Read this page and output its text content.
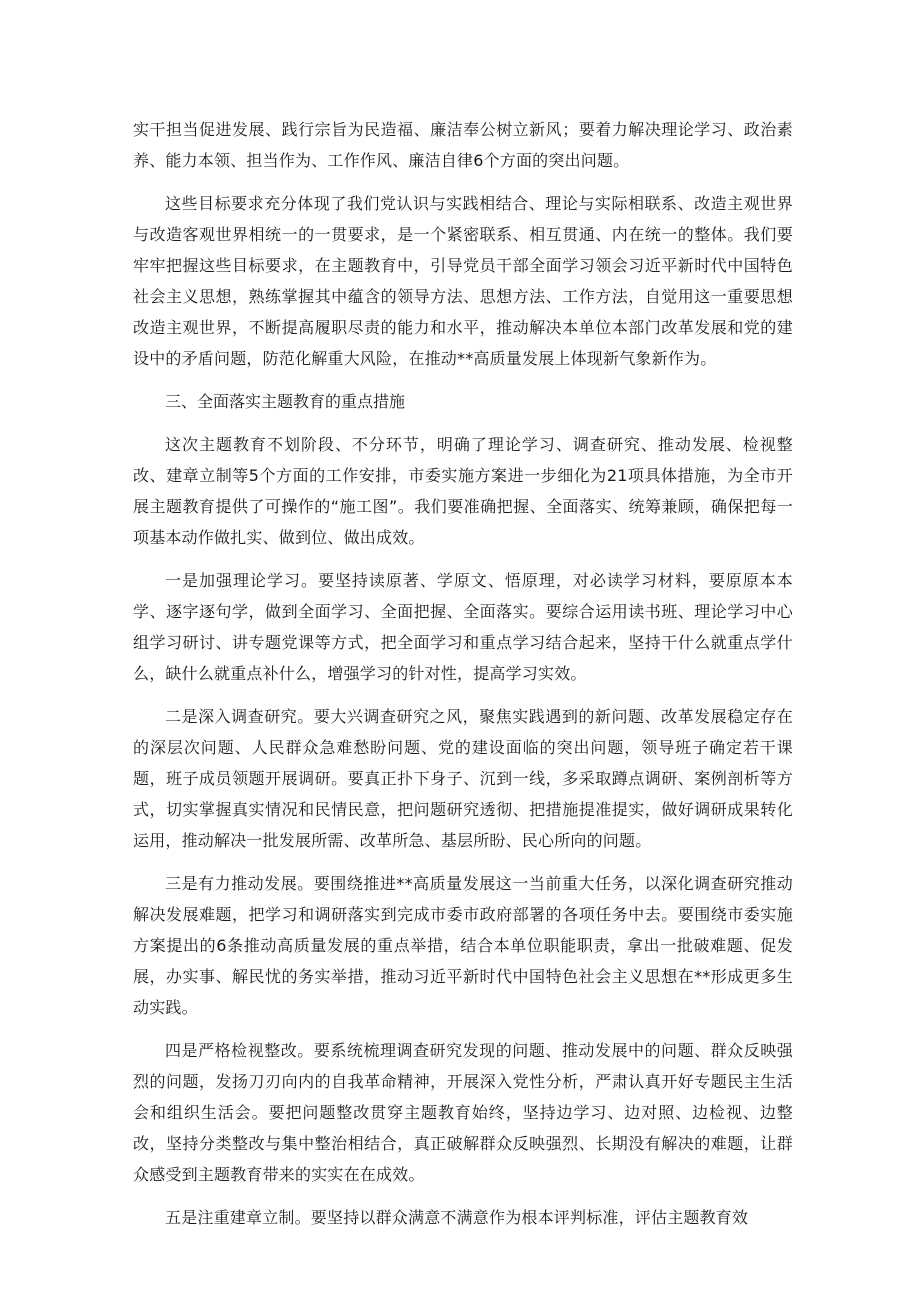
实干担当促进发展、践行宗旨为民造福、廉洁奉公树立新风；要着力解决理论学习、政治素养、能力本领、担当作为、工作作风、廉洁自律6个方面的突出问题。

这些目标要求充分体现了我们党认识与实践相结合、理论与实际相联系、改造主观世界与改造客观世界相统一的一贯要求，是一个紧密联系、相互贯通、内在统一的整体。我们要牢牢把握这些目标要求，在主题教育中，引导党员干部全面学习领会习近平新时代中国特色社会主义思想，熟练掌握其中蕴含的领导方法、思想方法、工作方法，自觉用这一重要思想改造主观世界，不断提高履职尽责的能力和水平，推动解决本单位本部门改革发展和党的建设中的矛盾问题，防范化解重大风险，在推动**高质量发展上体现新气象新作为。

三、全面落实主题教育的重点措施

这次主题教育不划阶段、不分环节，明确了理论学习、调查研究、推动发展、检视整改、建章立制等5个方面的工作安排，市委实施方案进一步细化为21项具体措施，为全市开展主题教育提供了可操作的“施工图”。我们要准确把握、全面落实、统筹兼顾，确保把每一项基本动作做扎实、做到位、做出成效。

一是加强理论学习。要坚持读原著、学原文、悟原理，对必读学习材料，要原原本本学、逐字逐句学，做到全面学习、全面把握、全面落实。要综合运用读书班、理论学习中心组学习研讨、讲专题党课等方式，把全面学习和重点学习结合起来，坚持干什么就重点学什么，缺什么就重点补什么，增强学习的针对性，提高学习实效。

二是深入调查研究。要大兴调查研究之风，聚焦实践遇到的新问题、改革发展稳定存在的深层次问题、人民群众急难愁盼问题、党的建设面临的突出问题，领导班子确定若干课题，班子成员领题开展调研。要真正扑下身子、沉到一线，多采取蹲点调研、案例剖析等方式，切实掌握真实情况和民情民意，把问题研究透彻、把措施提准提实，做好调研成果转化运用，推动解决一批发展所需、改革所急、基层所盼、民心所向的问题。

三是有力推动发展。要围绕推进**高质量发展这一当前重大任务，以深化调查研究推动解决发展难题，把学习和调研落实到完成市委市政府部署的各项任务中去。要围绕市委实施方案提出的6条推动高质量发展的重点举措，结合本单位职能职责，拿出一批破难题、促发展，办实事、解民忧的务实举措，推动习近平新时代中国特色社会主义思想在**形成更多生动实践。

四是严格检视整改。要系统梳理调查研究发现的问题、推动发展中的问题、群众反映强烈的问题，发扬刀刃向内的自我革命精神，开展深入党性分析，严肃认真开好专题民主生活会和组织生活会。要把问题整改贯穿主题教育始终，坚持边学习、边对照、边检视、边整改，坚持分类整改与集中整治相结合，真正破解群众反映强烈、长期没有解决的难题，让群众感受到主题教育带来的实实在在成效。

五是注重建章立制。要坚持以群众满意不满意作为根本评判标准，评估主题教育效
